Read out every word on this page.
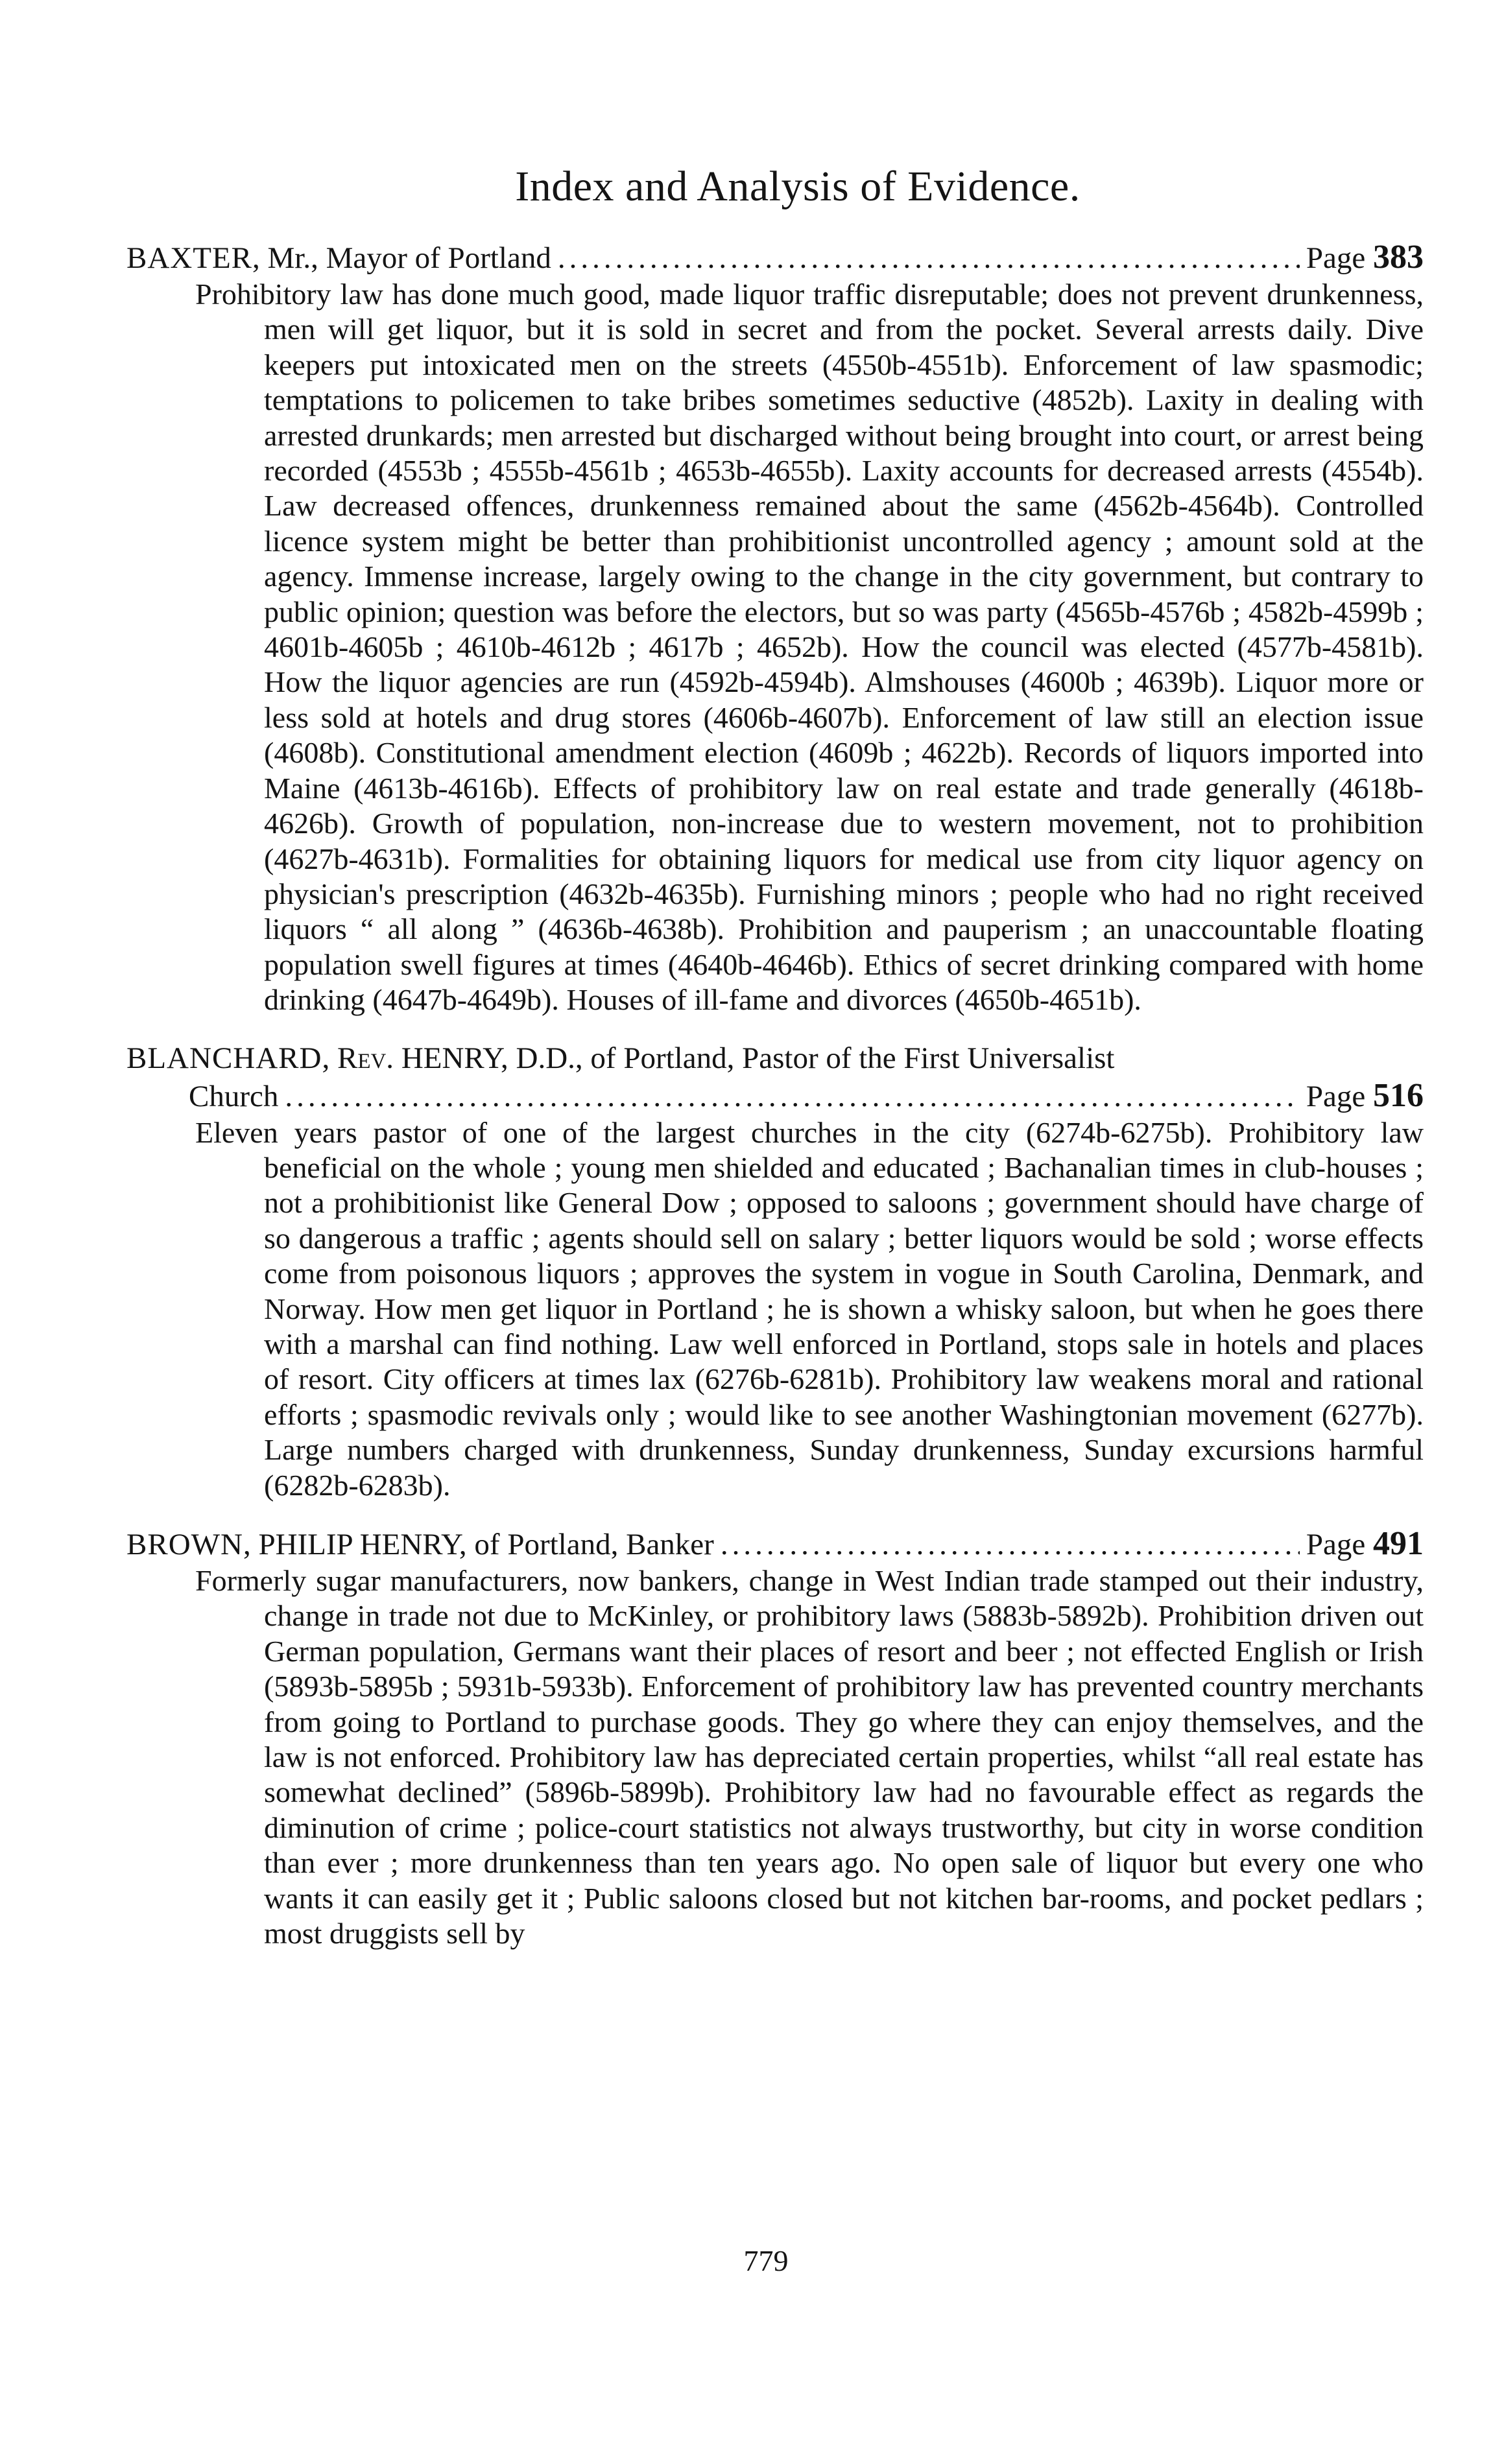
Index and Analysis of Evidence.
BAXTER, Mr., Mayor of Portland .....	Page 383

Prohibitory law has done much good, made liquor traffic disreputable; does not prevent drunkenness, men will get liquor, but it is sold in secret and from the pocket. Several arrests daily. Dive keepers put intoxicated men on the streets (4550b-4551b). Enforcement of law spasmodic; temptations to policemen to take bribes sometimes seductive (4852b). Laxity in dealing with arrested drunkards; men arrested but discharged without being brought into court, or arrest being recorded (4553b ; 4555b-4561b ; 4653b-4655b). Laxity accounts for decreased arrests (4554b). Law decreased offences, drunkenness remained about the same (4562b-4564b). Controlled licence system might be better than prohibitionist uncontrolled agency ; amount sold at the agency. Immense increase, largely owing to the change in the city government, but contrary to public opinion; question was before the electors, but so was party (4565b-4576b ; 4582b-4599b ; 4601b-4605b ; 4610b-4612b ; 4617b ; 4652b). How the council was elected (4577b-4581b). How the liquor agencies are run (4592b-4594b). Almshouses (4600b ; 4639b). Liquor more or less sold at hotels and drug stores (4606b-4607b). Enforcement of law still an election issue (4608b). Constitutional amendment election (4609b ; 4622b). Records of liquors imported into Maine (4613b-4616b). Effects of prohibitory law on real estate and trade generally (4618b-4626b). Growth of population, non-increase due to western movement, not to prohibition (4627b-4631b). Formalities for obtaining liquors for medical use from city liquor agency on physician's prescription (4632b-4635b). Furnishing minors ; people who had no right received liquors “ all along ” (4636b-4638b). Prohibition and pauperism ; an unaccountable floating population swell figures at times (4640b-4646b). Ethics of secret drinking compared with home drinking (4647b-4649b). Houses of ill-fame and divorces (4650b-4651b).

BLANCHARD, Rev. HENRY, D.D., of Portland, Pastor of the First Universalist
Church .....	Page 516

Eleven years pastor of one of the largest churches in the city (6274b-6275b). Prohibitory law beneficial on the whole ; young men shielded and educated ; Bachanalian times in club-houses ; not a prohibitionist like General Dow ; opposed to saloons ; government should have charge of so dangerous a traffic ; agents should sell on salary ; better liquors would be sold ; worse effects come from poisonous liquors ; approves the system in vogue in South Carolina, Denmark, and Norway. How men get liquor in Portland ; he is shown a whisky saloon, but when he goes there with a marshal can find nothing. Law well enforced in Portland, stops sale in hotels and places of resort. City officers at times lax (6276b-6281b). Prohibitory law weakens moral and rational efforts ; spasmodic revivals only ; would like to see another Washingtonian movement (6277b). Large numbers charged with drunkenness, Sunday drunkenness, Sunday excursions harmful (6282b-6283b).

BROWN, PHILIP HENRY, of Portland, Banker .....	Page 491

Formerly sugar manufacturers, now bankers, change in West Indian trade stamped out their industry, change in trade not due to McKinley, or prohibitory laws (5883b-5892b). Prohibition driven out German population, Germans want their places of resort and beer ; not effected English or Irish (5893b-5895b ; 5931b-5933b). Enforcement of prohibitory law has prevented country merchants from going to Portland to purchase goods. They go where they can enjoy themselves, and the law is not enforced. Prohibitory law has depreciated certain properties, whilst “all real estate has somewhat declined” (5896b-5899b). Prohibitory law had no favourable effect as regards the diminution of crime ; police-court statistics not always trustworthy, but city in worse condition than ever ; more drunkenness than ten years ago. No open sale of liquor but every one who wants it can easily get it ; Public saloons closed but not kitchen bar-rooms, and pocket pedlars ; most druggists sell by

779
